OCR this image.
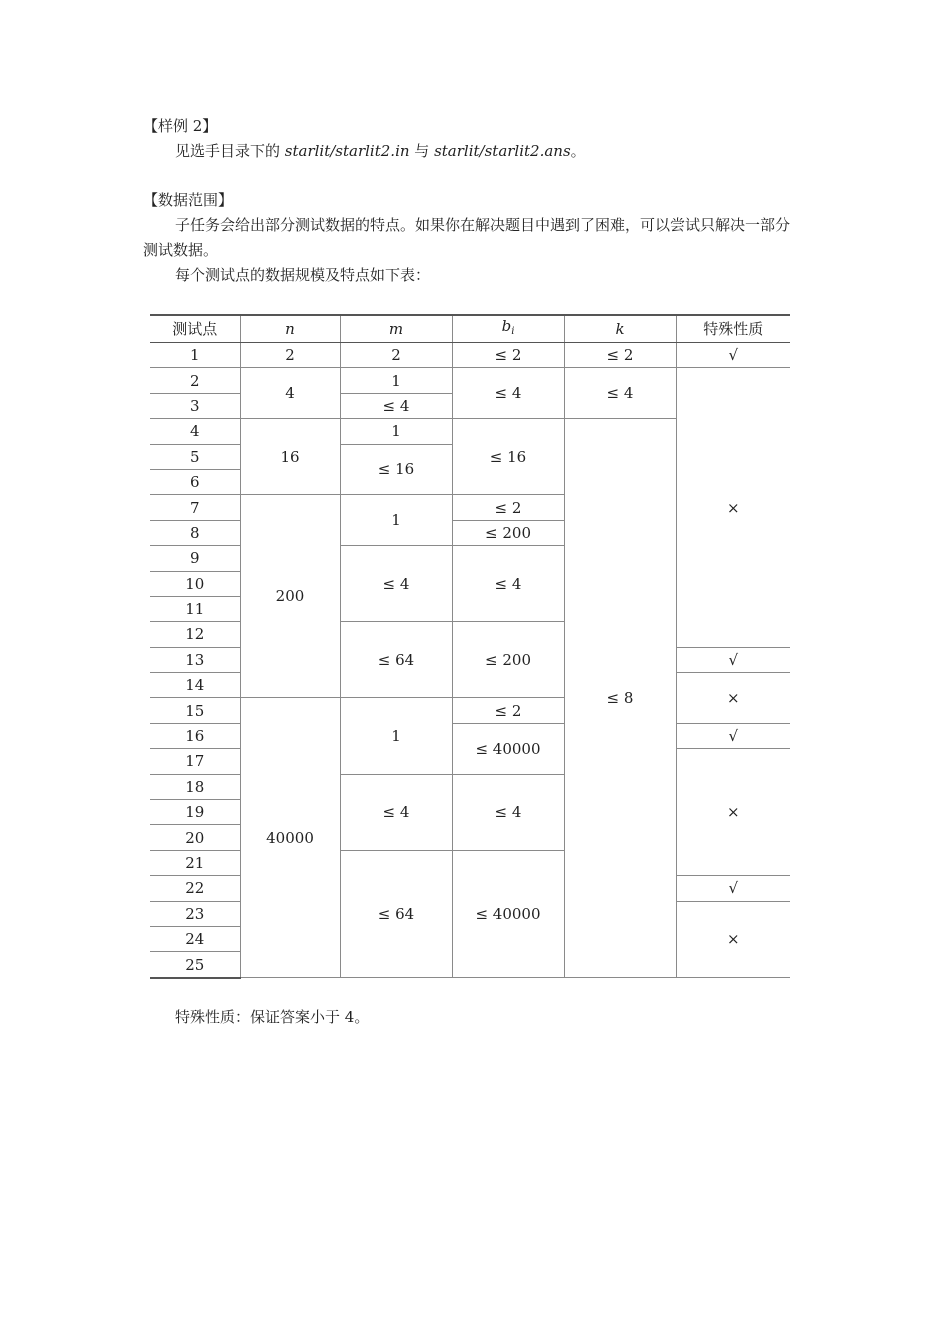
【样例 2】
见选手目录下的 starlit/starlit2.in 与 starlit/starlit2.ans。
【数据范围】
子任务会给出部分测试数据的特点。如果你在解决题目中遇到了困难，可以尝试只解决一部分测试数据。
每个测试点的数据规模及特点如下表：
测试点	n	m	$b_i$	k	特殊性质
1	2	2	≤ 2	≤ 2	√
2	4	1	≤ 4	≤ 4	×
3		≤ 4			
4	16	1	≤ 16	≤ 8	
5		≤ 16			
6					
7	200	1	≤ 2		
8			≤ 200		
9		≤ 4	≤ 4		
10					
11					
12		≤ 64	≤ 200		
13					√
14					×
15	40000	1	≤ 2		
16			≤ 40000		√
17					×
18		≤ 4	≤ 4		
19					
20					
21		≤ 64	≤ 40000		
22					√
23					×
24					
25					
特殊性质：保证答案小于 4。
